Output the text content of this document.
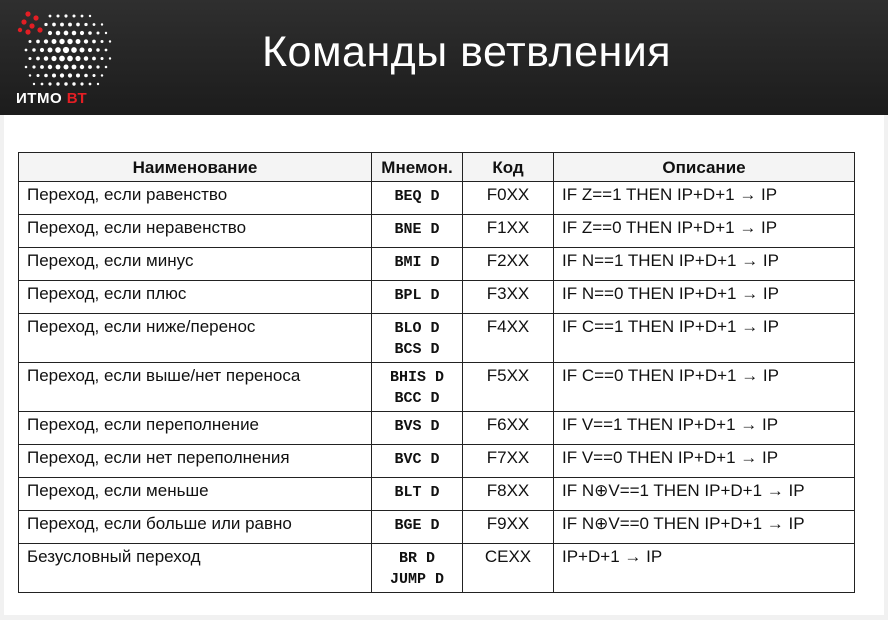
ИТМО ВТ
Команды ветвления
Наименование	Мнемон.	Код	Описание
Переход, если равенство	BEQ D	F0XX	IF Z==1 THEN IP+D+1 → IP
Переход, если неравенство	BNE D	F1XX	IF Z==0 THEN IP+D+1 → IP
Переход, если минус	BMI D	F2XX	IF N==1 THEN IP+D+1 → IP
Переход, если плюс	BPL D	F3XX	IF N==0 THEN IP+D+1 → IP
Переход, если ниже/перенос	BLO D
BCS D	F4XX	IF C==1 THEN IP+D+1 → IP
Переход, если выше/нет переноса	BHIS D
BCC D	F5XX	IF C==0 THEN IP+D+1 → IP
Переход, если переполнение	BVS D	F6XX	IF V==1 THEN IP+D+1 → IP
Переход, если нет переполнения	BVC D	F7XX	IF V==0 THEN IP+D+1 → IP
Переход, если меньше	BLT D	F8XX	IF N⊕V==1 THEN IP+D+1 → IP
Переход, если больше или равно	BGE D	F9XX	IF N⊕V==0 THEN IP+D+1 → IP
Безусловный переход	BR D
JUMP D	CEXX	IP+D+1 → IP
